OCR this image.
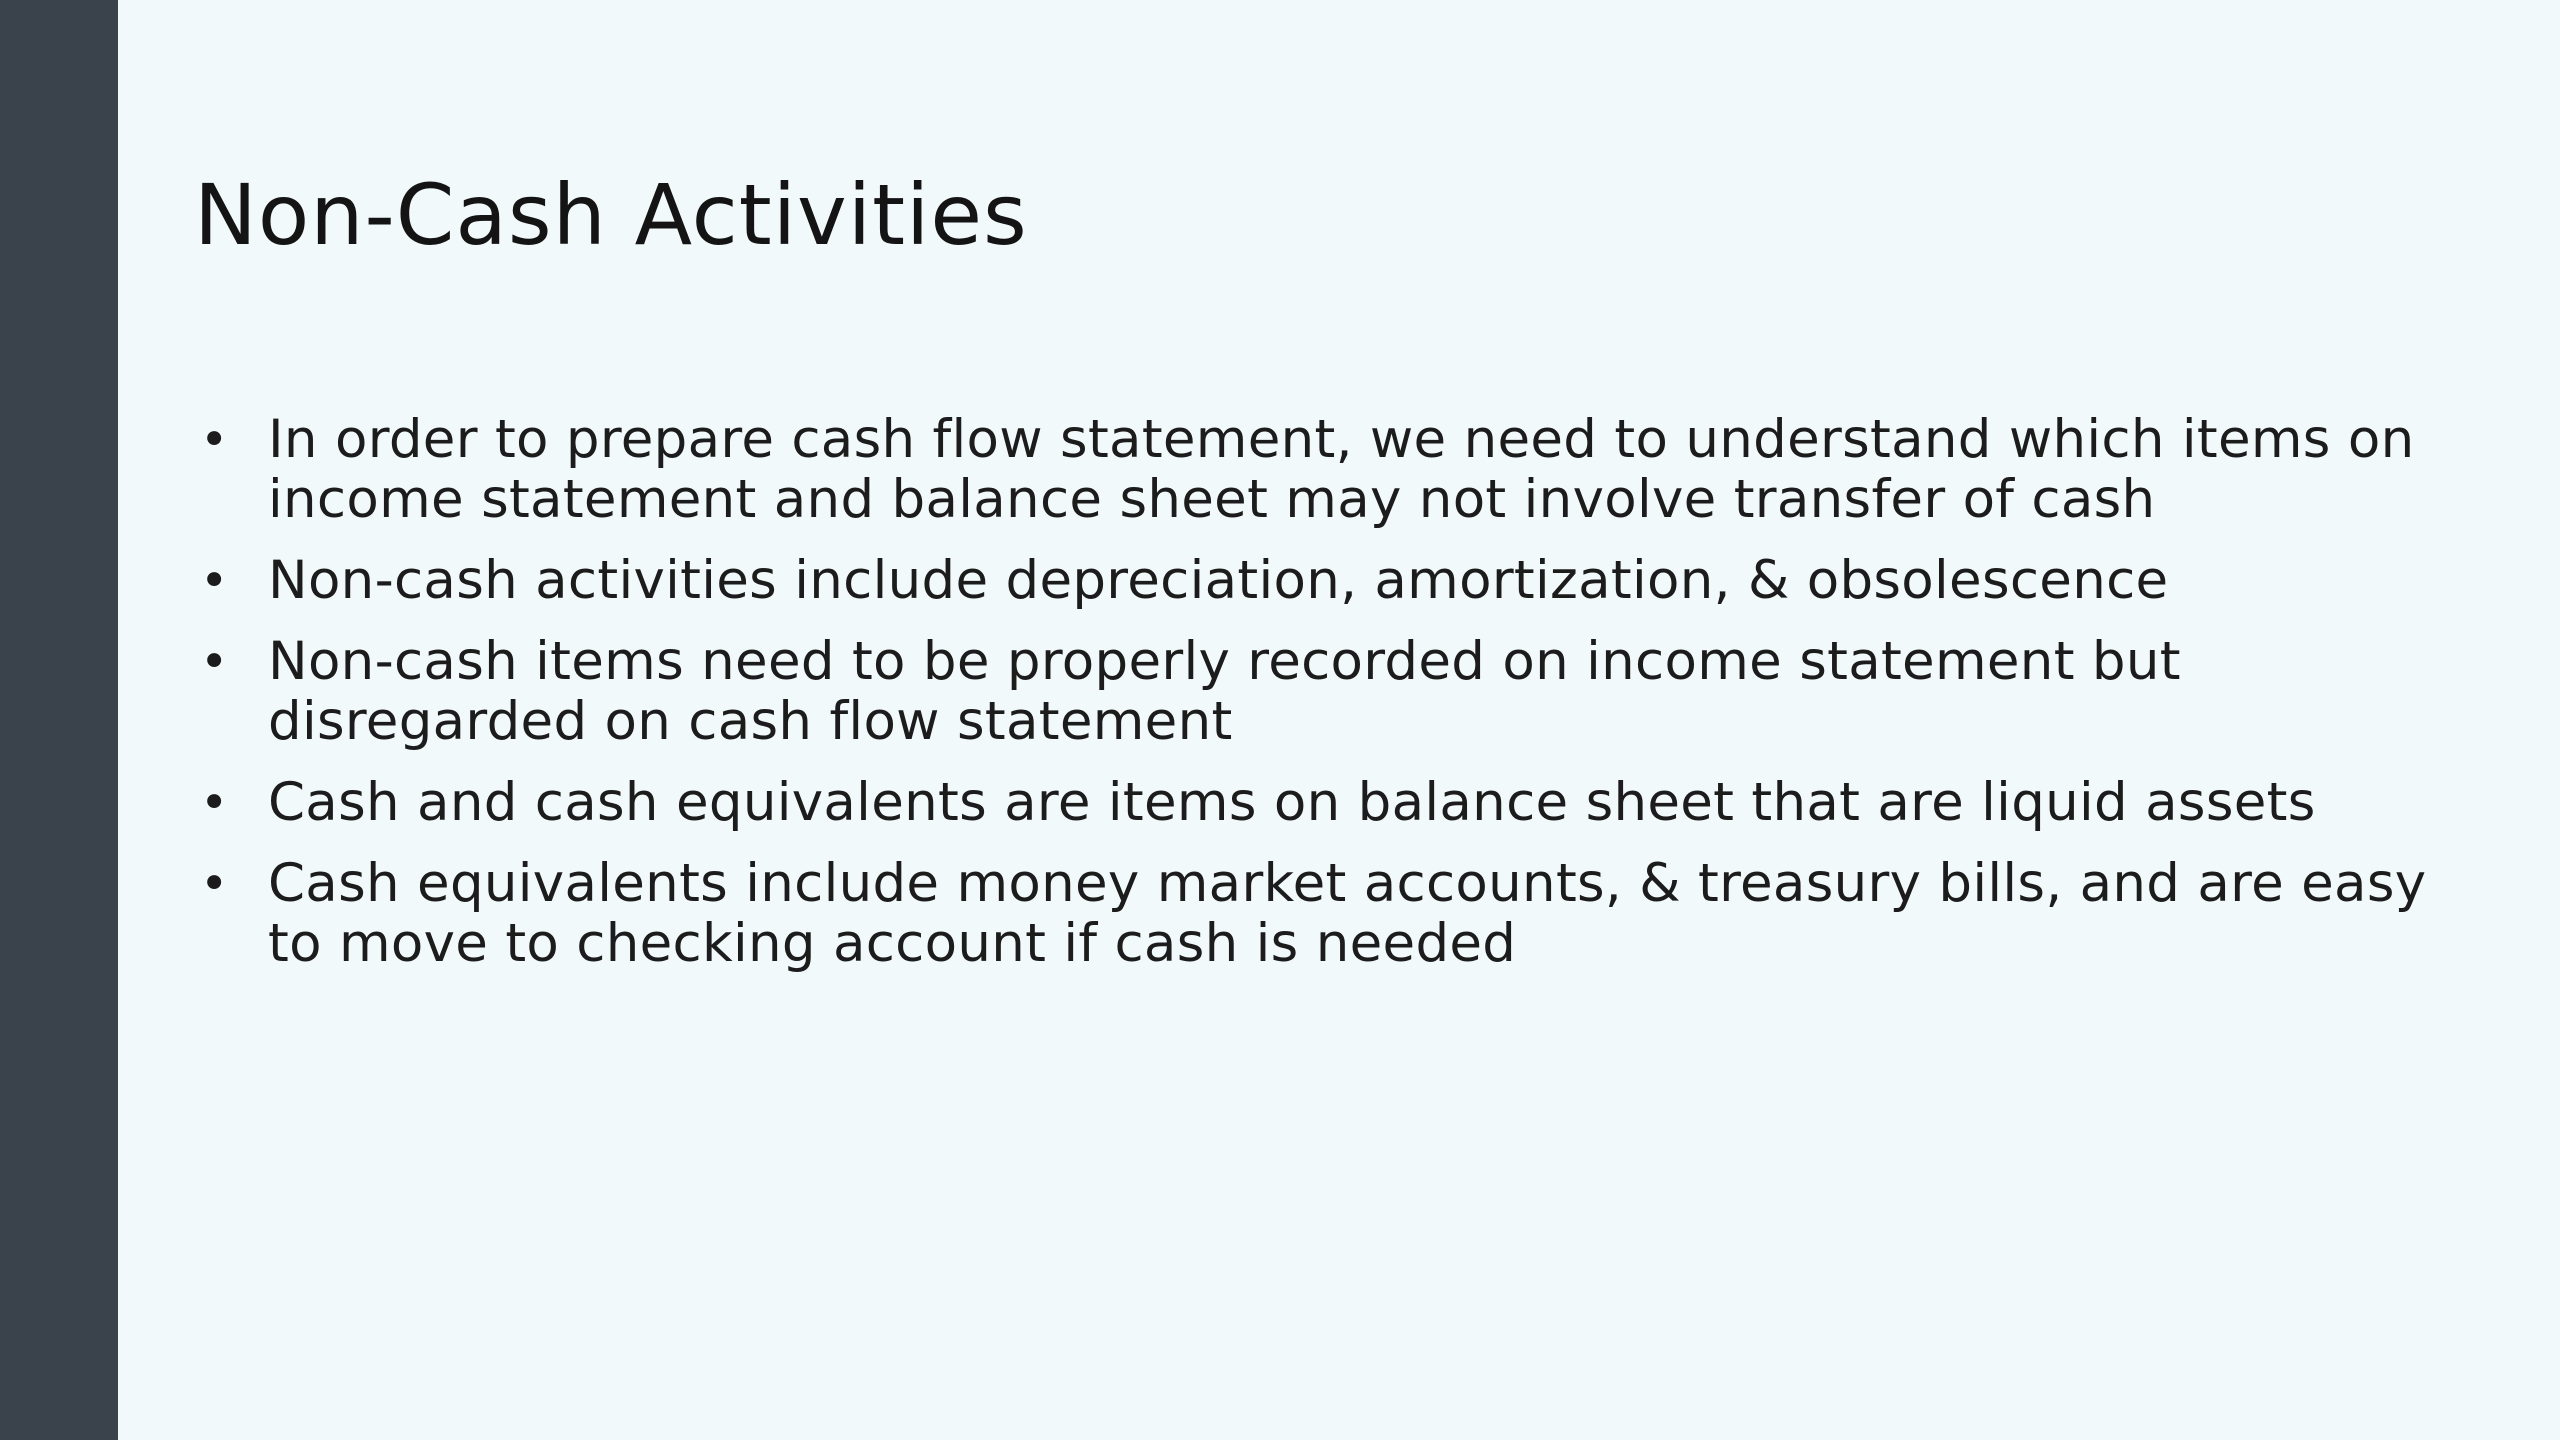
Non-Cash Activities
• In order to prepare cash flow statement, we need to understand which items on income statement and balance sheet may not involve transfer of cash
• Non-cash activities include depreciation, amortization, & obsolescence
• Non-cash items need to be properly recorded on income statement but disregarded on cash flow statement
• Cash and cash equivalents are items on balance sheet that are liquid assets
• Cash equivalents include money market accounts, & treasury bills, and are easy to move to checking account if cash is needed
